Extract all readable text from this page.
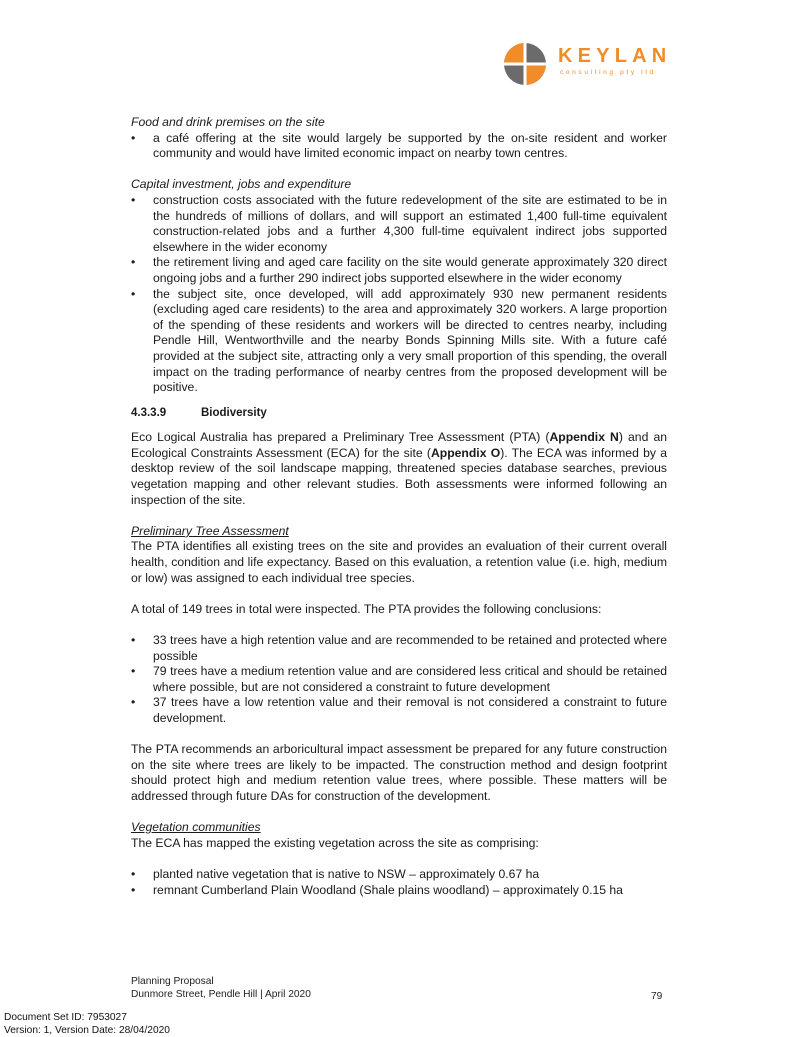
KEYLAN
consulting pty ltd

Food and drink premises on the site

• a café offering at the site would largely be supported by the on-site resident and worker community and would have limited economic impact on nearby town centres.

Capital investment, jobs and expenditure

• construction costs associated with the future redevelopment of the site are estimated to be in the hundreds of millions of dollars, and will support an estimated 1,400 full-time equivalent construction-related jobs and a further 4,300 full-time equivalent indirect jobs supported elsewhere in the wider economy
• the retirement living and aged care facility on the site would generate approximately 320 direct ongoing jobs and a further 290 indirect jobs supported elsewhere in the wider economy
• the subject site, once developed, will add approximately 930 new permanent residents (excluding aged care residents) to the area and approximately 320 workers. A large proportion of the spending of these residents and workers will be directed to centres nearby, including Pendle Hill, Wentworthville and the nearby Bonds Spinning Mills site. With a future café provided at the subject site, attracting only a very small proportion of this spending, the overall impact on the trading performance of nearby centres from the proposed development will be positive.

4.3.3.9	Biodiversity

Eco Logical Australia has prepared a Preliminary Tree Assessment (PTA) (Appendix N) and an Ecological Constraints Assessment (ECA) for the site (Appendix O). The ECA was informed by a desktop review of the soil landscape mapping, threatened species database searches, previous vegetation mapping and other relevant studies. Both assessments were informed following an inspection of the site.

Preliminary Tree Assessment

The PTA identifies all existing trees on the site and provides an evaluation of their current overall health, condition and life expectancy. Based on this evaluation, a retention value (i.e. high, medium or low) was assigned to each individual tree species.

A total of 149 trees in total were inspected. The PTA provides the following conclusions:

• 33 trees have a high retention value and are recommended to be retained and protected where possible
• 79 trees have a medium retention value and are considered less critical and should be retained where possible, but are not considered a constraint to future development
• 37 trees have a low retention value and their removal is not considered a constraint to future development.

The PTA recommends an arboricultural impact assessment be prepared for any future construction on the site where trees are likely to be impacted. The construction method and design footprint should protect high and medium retention value trees, where possible. These matters will be addressed through future DAs for construction of the development.

Vegetation communities

The ECA has mapped the existing vegetation across the site as comprising:

• planted native vegetation that is native to NSW – approximately 0.67 ha
• remnant Cumberland Plain Woodland (Shale plains woodland) – approximately 0.15 ha
Planning Proposal
Dunmore Street, Pendle Hill | April 2020	79
Document Set ID: 7953027
Version: 1, Version Date: 28/04/2020
